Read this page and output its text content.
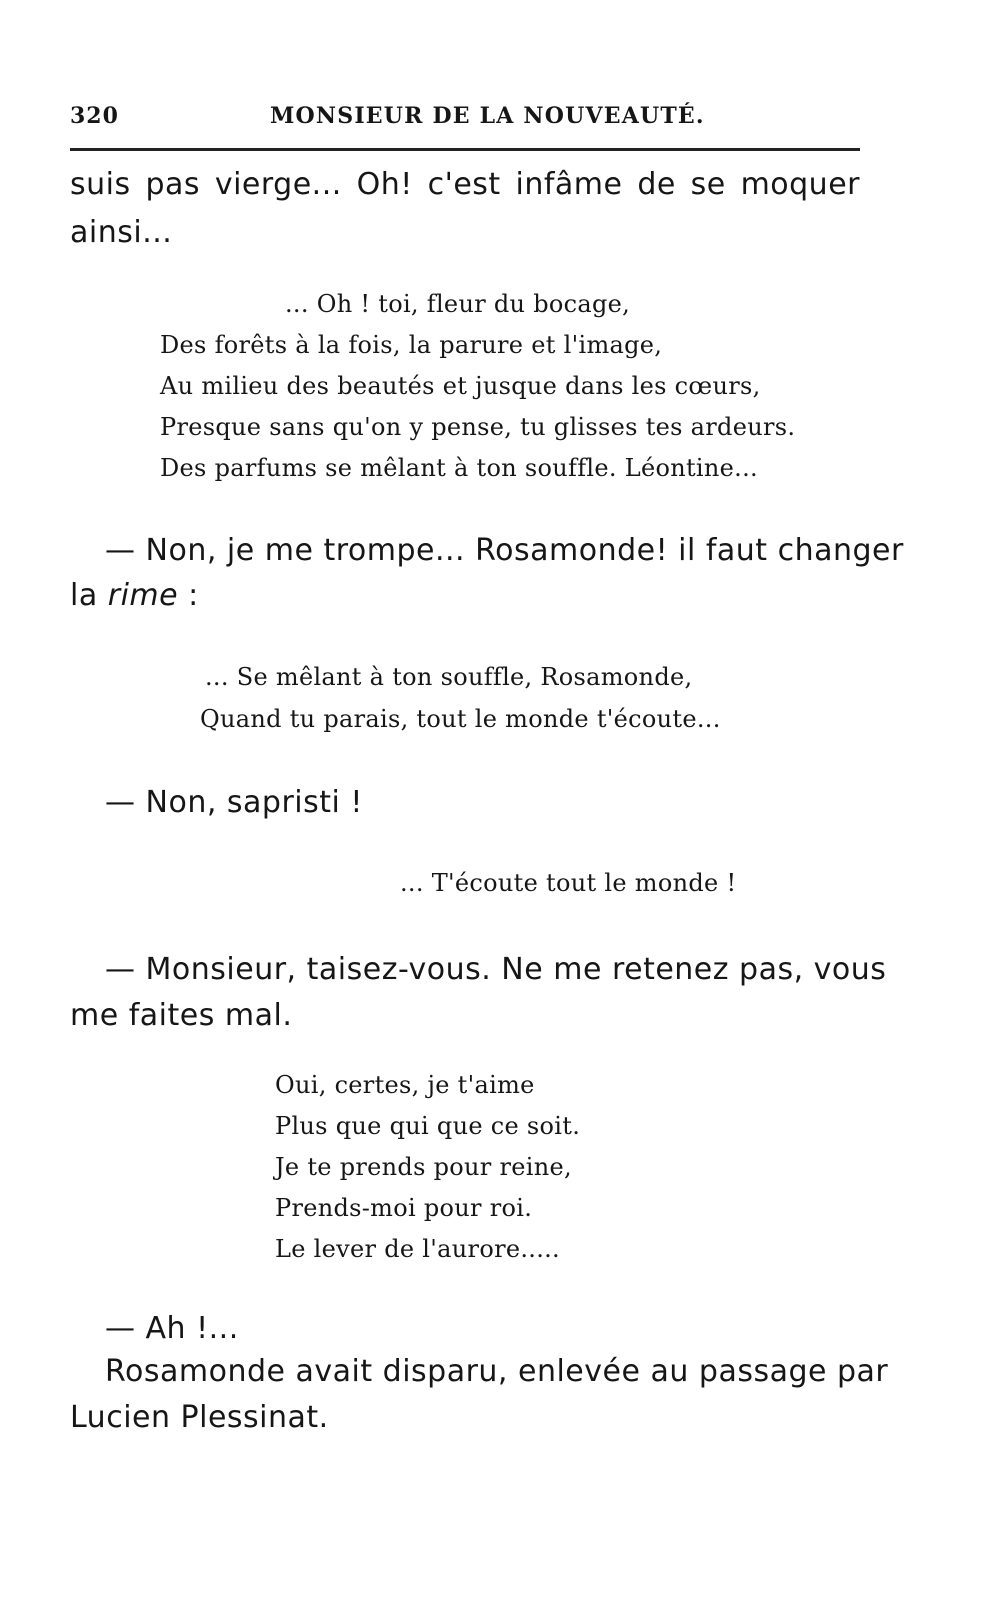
320	MONSIEUR DE LA NOUVEAUTÉ.
suis pas vierge... Oh! c'est infâme de se moquer
ainsi...
... Oh ! toi, fleur du bocage,
Des forêts à la fois, la parure et l'image,
Au milieu des beautés et jusque dans les cœurs,
Presque sans qu'on y pense, tu glisses tes ardeurs.
Des parfums se mêlant à ton souffle. Léontine...
— Non, je me trompe... Rosamonde! il faut changer
la rime :
... Se mêlant à ton souffle, Rosamonde,
Quand tu parais, tout le monde t'écoute...
— Non, sapristi !
... T'écoute tout le monde !
— Monsieur, taisez-vous. Ne me retenez pas, vous
me faites mal.
Oui, certes, je t'aime
Plus que qui que ce soit.
Je te prends pour reine,
Prends-moi pour roi.
Le lever de l'aurore.....
— Ah !...
Rosamonde avait disparu, enlevée au passage par
Lucien Plessinat.
